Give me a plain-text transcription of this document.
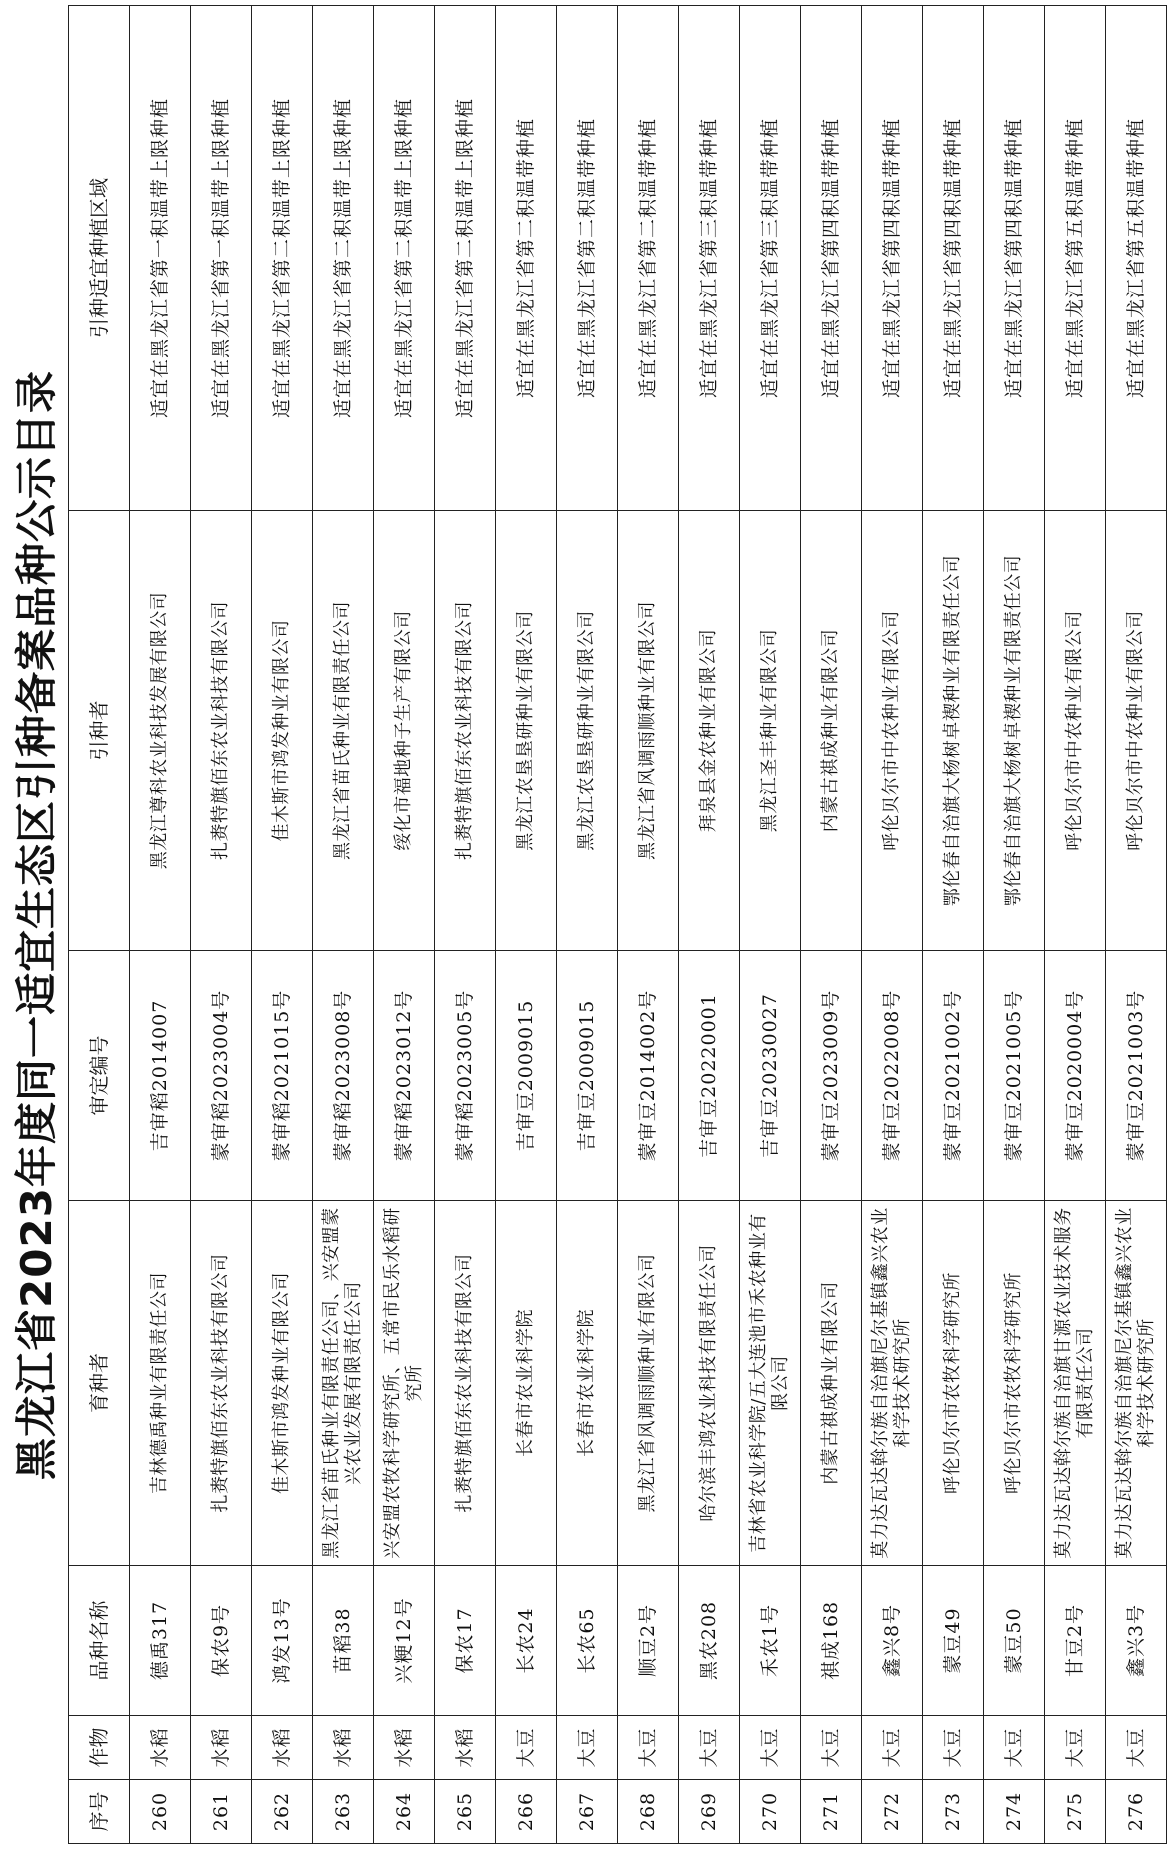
黑龙江省2023年度同一适宜生态区引种备案品种公示目录
序号	作物	品种名称	育种者	审定编号	引种者	引种适宜种植区域
260	水稻	德禹317	吉林德禹种业有限责任公司	吉审稻2014007	黑龙江尊科农业科技发展有限公司	适宜在黑龙江省第一积温带上限种植
261	水稻	保农9号	扎赉特旗佰东农业科技有限公司	蒙审稻2023004号	扎赉特旗佰东农业科技有限公司	适宜在黑龙江省第一积温带上限种植
262	水稻	鸿发13号	佳木斯市鸿发种业有限公司	蒙审稻2021015号	佳木斯市鸿发种业有限公司	适宜在黑龙江省第二积温带上限种植
263	水稻	苗稻38	黑龙江省苗氏种业有限责任公司、兴安盟蒙兴农业发展有限责任公司	蒙审稻2023008号	黑龙江省苗氏种业有限责任公司	适宜在黑龙江省第二积温带上限种植
264	水稻	兴粳12号	兴安盟农牧科学研究所、五常市民乐水稻研究所	蒙审稻2023012号	绥化市福地种子生产有限公司	适宜在黑龙江省第二积温带上限种植
265	水稻	保农17	扎赉特旗佰东农业科技有限公司	蒙审稻2023005号	扎赉特旗佰东农业科技有限公司	适宜在黑龙江省第二积温带上限种植
266	大豆	长农24	长春市农业科学院	吉审豆2009015	黑龙江农垦垦研种业有限公司	适宜在黑龙江省第二积温带种植
267	大豆	长农65	长春市农业科学院	吉审豆2009015	黑龙江农垦垦研种业有限公司	适宜在黑龙江省第二积温带种植
268	大豆	顺豆2号	黑龙江省风调雨顺种业有限公司	蒙审豆2014002号	黑龙江省风调雨顺种业有限公司	适宜在黑龙江省第二积温带种植
269	大豆	黑农208	哈尔滨丰鸿农业科技有限责任公司	吉审豆20220001	拜泉县金农种业有限公司	适宜在黑龙江省第三积温带种植
270	大豆	禾农1号	吉林省农业科学院/五大连池市禾农种业有限公司	吉审豆20230027	黑龙江圣丰种业有限公司	适宜在黑龙江省第三积温带种植
271	大豆	祺成168	内蒙古祺成种业有限公司	蒙审豆2023009号	内蒙古祺成种业有限公司	适宜在黑龙江省第四积温带种植
272	大豆	鑫兴8号	莫力达瓦达斡尔族自治旗尼尔基镇鑫兴农业科学技术研究所	蒙审豆2022008号	呼伦贝尔市中农种业有限公司	适宜在黑龙江省第四积温带种植
273	大豆	蒙豆49	呼伦贝尔市农牧科学研究所	蒙审豆2021002号	鄂伦春自治旗大杨树卓禊种业有限责任公司	适宜在黑龙江省第四积温带种植
274	大豆	蒙豆50	呼伦贝尔市农牧科学研究所	蒙审豆2021005号	鄂伦春自治旗大杨树卓禊种业有限责任公司	适宜在黑龙江省第四积温带种植
275	大豆	甘豆2号	莫力达瓦达斡尔族自治旗甘源农业技术服务有限责任公司	蒙审豆2020004号	呼伦贝尔市中农种业有限公司	适宜在黑龙江省第五积温带种植
276	大豆	鑫兴3号	莫力达瓦达斡尔族自治旗尼尔基镇鑫兴农业科学技术研究所	蒙审豆2021003号	呼伦贝尔市中农种业有限公司	适宜在黑龙江省第五积温带种植
